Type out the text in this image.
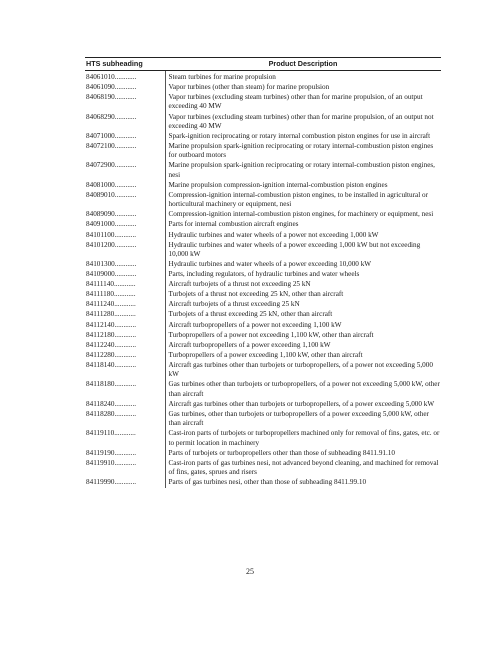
HTS subheading	Product Description
84061010............	Steam turbines for marine propulsion
84061090............	Vapor turbines (other than steam) for marine propulsion
84068190............	Vapor turbines (excluding steam turbines) other than for marine propulsion, of an output exceeding 40 MW
84068290............	Vapor turbines (excluding steam turbines) other than for marine propulsion, of an output not exceeding 40 MW
84071000............	Spark-ignition reciprocating or rotary internal combustion piston engines for use in aircraft
84072100............	Marine propulsion spark-ignition reciprocating or rotary internal-combustion piston engines for outboard motors
84072900............	Marine propulsion spark-ignition reciprocating or rotary internal-combustion piston engines, nesi
84081000............	Marine propulsion compression-ignition internal-combustion piston engines
84089010............	Compression-ignition internal-combustion piston engines, to be installed in agricultural or horticultural machinery or equipment, nesi
84089090............	Compression-ignition internal-combustion piston engines, for machinery or equipment, nesi
84091000............	Parts for internal combustion aircraft engines
84101100............	Hydraulic turbines and water wheels of a power not exceeding 1,000 kW
84101200............	Hydraulic turbines and water wheels of a power exceeding 1,000 kW but not exceeding 10,000 kW
84101300............	Hydraulic turbines and water wheels of a power exceeding 10,000 kW
84109000............	Parts, including regulators, of hydraulic turbines and water wheels
84111140............	Aircraft turbojets of a thrust not exceeding 25 kN
84111180............	Turbojets of a thrust not exceeding 25 kN, other than aircraft
84111240............	Aircraft turbojets of a thrust exceeding 25 kN
84111280............	Turbojets of a thrust exceeding 25 kN, other than aircraft
84112140............	Aircraft turbopropellers of a power not exceeding 1,100 kW
84112180............	Turbopropellers of a power not exceeding 1,100 kW, other than aircraft
84112240............	Aircraft turbopropellers of a power exceeding 1,100 kW
84112280............	Turbopropellers of a power exceeding 1,100 kW, other than aircraft
84118140............	Aircraft gas turbines other than turbojets or turbopropellers, of a power not exceeding 5,000 kW
84118180............	Gas turbines other than turbojets or turbopropellers, of a power not exceeding 5,000 kW, other than aircraft
84118240............	Aircraft gas turbines other than turbojets or turbopropellers, of a power exceeding 5,000 kW
84118280............	Gas turbines, other than turbojets or turbopropellers of a power exceeding 5,000 kW, other than aircraft
84119110............	Cast-iron parts of turbojets or turbopropellers machined only for removal of fins, gates, etc. or to permit location in machinery
84119190............	Parts of turbojets or turbopropellers other than those of subheading 8411.91.10
84119910............	Cast-iron parts of gas turbines nesi, not advanced beyond cleaning, and machined for removal of fins, gates, sprues and risers
84119990............	Parts of gas turbines nesi, other than those of subheading 8411.99.10
25
